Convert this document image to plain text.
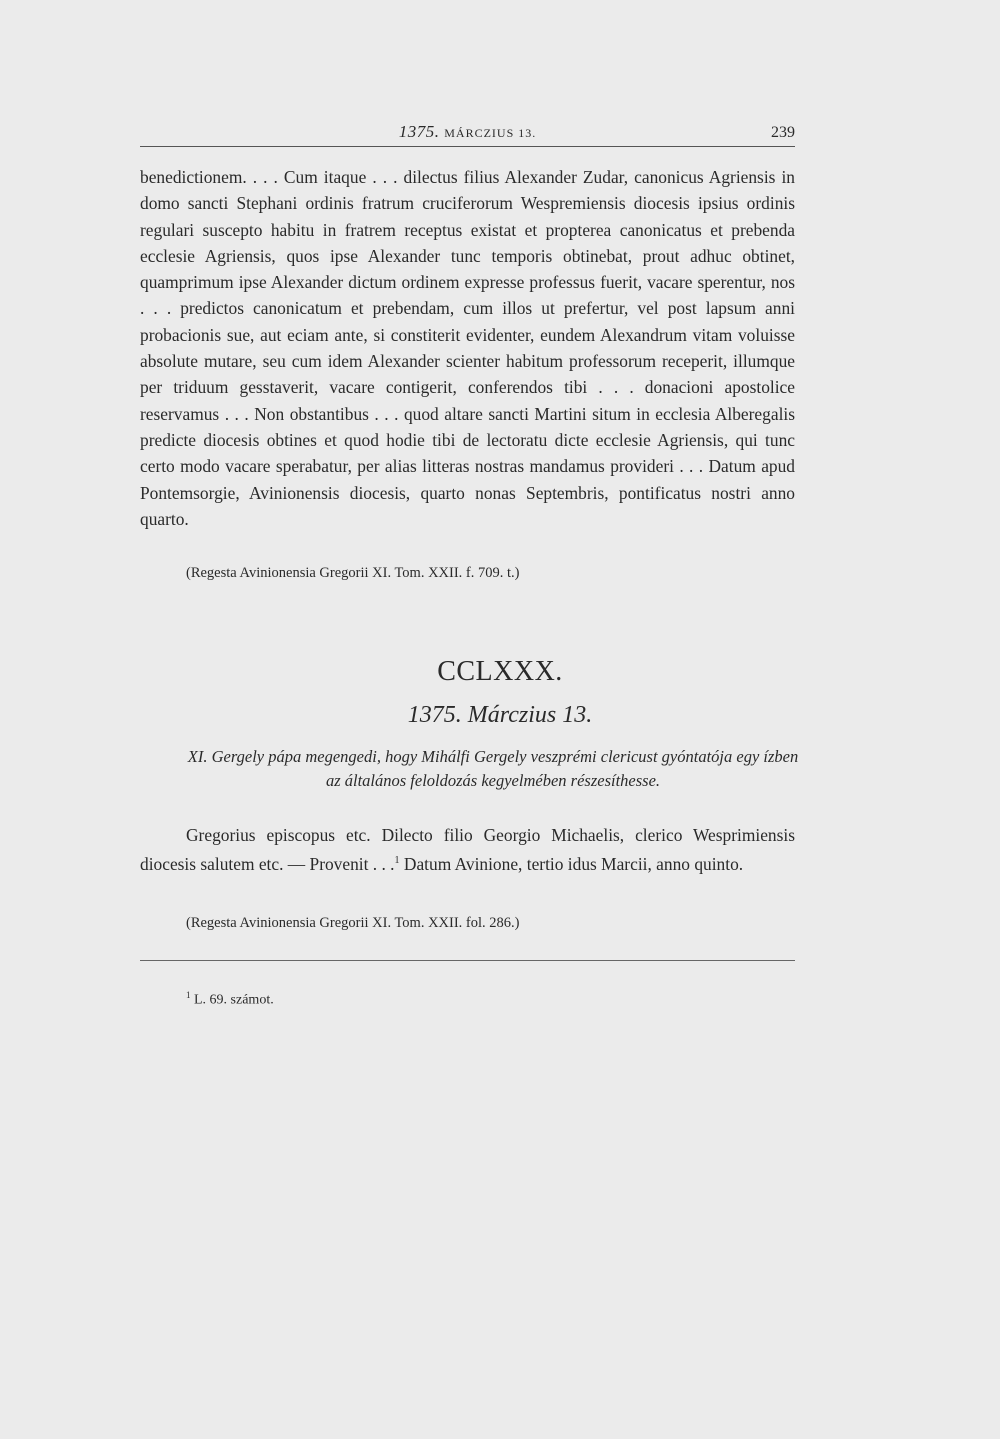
1375. MÁRCZIUS 13.	239
benedictionem. . . . Cum itaque . . . dilectus filius Alexander Zudar, canonicus Agriensis in domo sancti Stephani ordinis fratrum cruciferorum Wespremiensis diocesis ipsius ordinis regulari suscepto habitu in fratrem receptus existat et propterea canonicatus et prebenda ecclesie Agriensis, quos ipse Alexander tunc temporis obtinebat, prout adhuc obtinet, quamprimum ipse Alexander dictum ordinem expresse professus fuerit, vacare sperentur, nos . . . predictos canonicatum et prebendam, cum illos ut prefertur, vel post lapsum anni probacionis sue, aut eciam ante, si constiterit evidenter, eundem Alexandrum vitam voluisse absolute mutare, seu cum idem Alexander scienter habitum professorum receperit, illumque per triduum gesstaverit, vacare contigerit, conferendos tibi . . . donacioni apostolice reservamus . . . Non obstantibus . . . quod altare sancti Martini situm in ecclesia Alberegalis predicte diocesis obtines et quod hodie tibi de lectoratu dicte ecclesie Agriensis, qui tunc certo modo vacare sperabatur, per alias litteras nostras mandamus provideri . . . Datum apud Pontemsorgie, Avinionensis diocesis, quarto nonas Septembris, pontificatus nostri anno quarto.
(Regesta Avinionensia Gregorii XI. Tom. XXII. f. 709. t.)
CCLXXX.
1375. Márczius 13.
XI. Gergely pápa megengedi, hogy Mihálfi Gergely veszprémi clericust gyóntatója egy ízben az általános feloldozás kegyelmében részesíthesse.
Gregorius episcopus etc. Dilecto filio Georgio Michaelis, clerico Wesprimiensis diocesis salutem etc. — Provenit . . .$^1$ Datum Avinione, tertio idus Marcii, anno quinto.
(Regesta Avinionensia Gregorii XI. Tom. XXII. fol. 286.)
$^1$ L. 69. számot.
